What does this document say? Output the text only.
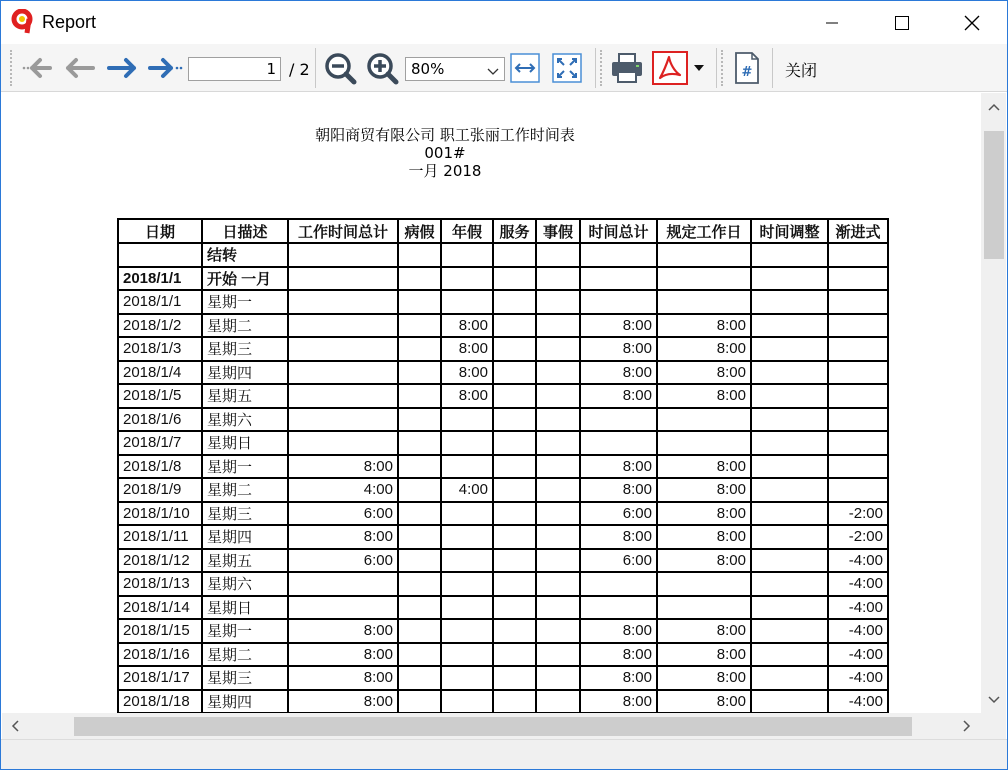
Report
1 / 2	80%	# 关闭
朝阳商贸有限公司 职工张丽工作时间表
001#
一月 2018
日期	日描述	工作时间总计	病假	年假	服务	事假	时间总计	规定工作日	时间调整	渐进式
	结转									
2018/1/1	开始 一月									
2018/1/1	星期一									
2018/1/2	星期二			8:00			8:00	8:00		
2018/1/3	星期三			8:00			8:00	8:00		
2018/1/4	星期四			8:00			8:00	8:00		
2018/1/5	星期五			8:00			8:00	8:00		
2018/1/6	星期六									
2018/1/7	星期日									
2018/1/8	星期一	8:00					8:00	8:00		
2018/1/9	星期二	4:00		4:00			8:00	8:00		
2018/1/10	星期三	6:00					6:00	8:00		-2:00
2018/1/11	星期四	8:00					8:00	8:00		-2:00
2018/1/12	星期五	6:00					6:00	8:00		-4:00
2018/1/13	星期六									-4:00
2018/1/14	星期日									-4:00
2018/1/15	星期一	8:00					8:00	8:00		-4:00
2018/1/16	星期二	8:00					8:00	8:00		-4:00
2018/1/17	星期三	8:00					8:00	8:00		-4:00
2018/1/18	星期四	8:00					8:00	8:00		-4:00
